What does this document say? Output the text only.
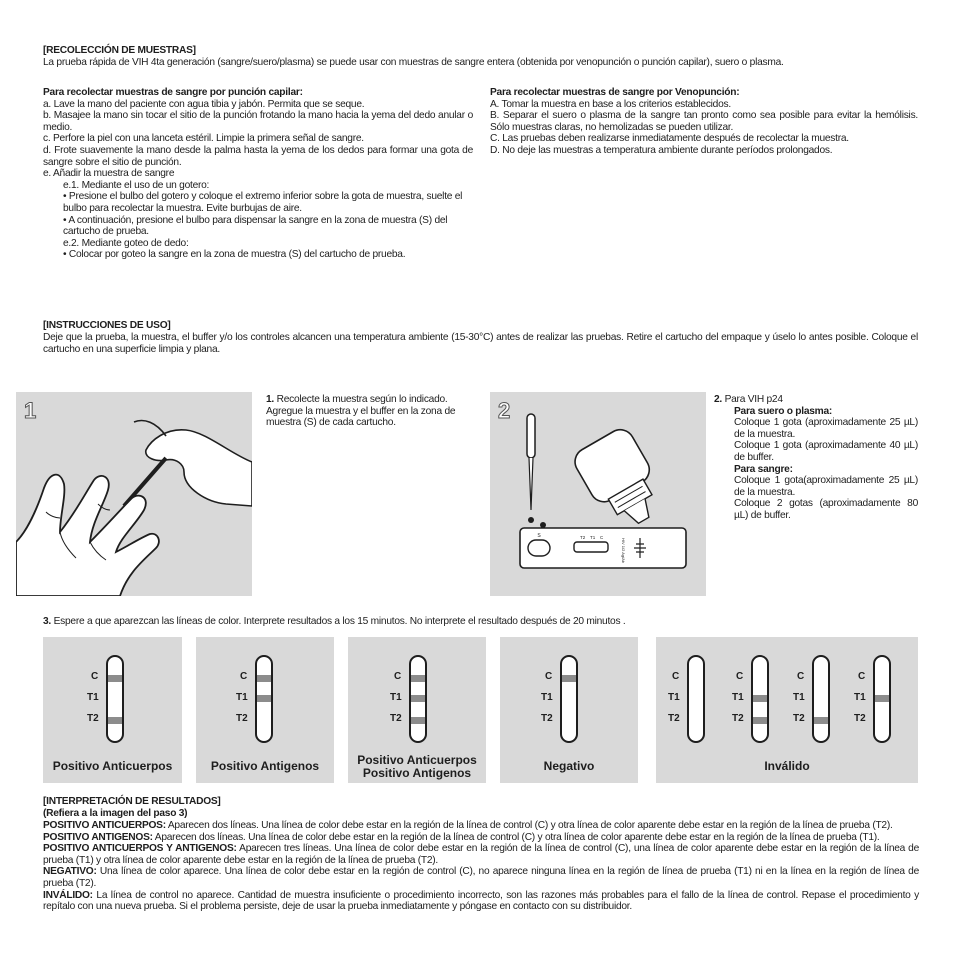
[RECOLECCIÓN DE MUESTRAS]
La prueba rápida de VIH 4ta generación (sangre/suero/plasma) se puede usar con muestras de sangre entera (obtenida por venopunción o punción capilar), suero o plasma.

Para recolectar muestras de sangre por punción capilar:

a. Lave la mano del paciente con agua tibia y jabón. Permita que se seque.

b. Masajee la mano sin tocar el sitio de la punción frotando la mano hacia la yema del dedo anular o medio.

c. Perfore la piel con una lanceta estéril. Limpie la primera señal de sangre.

d. Frote suavemente la mano desde la palma hasta la yema de los dedos para formar una gota de sangre sobre el sitio de punción.

e. Añadir la muestra de sangre

e.1. Mediante el uso de un gotero:

• Presione el bulbo del gotero y coloque el extremo inferior sobre la gota de muestra, suelte el bulbo para recolectar la muestra. Evite burbujas de aire.

• A continuación, presione el bulbo para dispensar la sangre en la zona de muestra (S) del cartucho de prueba.

e.2. Mediante goteo de dedo:

• Colocar por goteo la sangre en la zona de muestra (S) del cartucho de prueba.

Para recolectar muestras de sangre por Venopunción:

A. Tomar la muestra en base a los criterios establecidos.

B. Separar el suero o plasma de la sangre tan pronto como sea posible para evitar la hemólisis. Sólo muestras claras, no hemolizadas se pueden utilizar.

C. Las pruebas deben realizarse inmediatamente después de recolectar la muestra.

D. No deje las muestras a temperatura ambiente durante períodos prolongados.

[INSTRUCCIONES DE USO]
Deje que la prueba, la muestra, el buffer y/o los controles alcancen una temperatura ambiente (15-30°C) antes de realizar las pruebas. Retire el cartucho del empaque y úselo lo antes posible. Coloque el cartucho en una superficie limpia y plana.
1	1. Recolecte la muestra según lo indicado. Agregue la muestra y el buffer en la zona de muestra (S) de cada cartucho.	2
S	T2 T1 C
HIV 1/2 Ag/Ab

2. Para VIH p24

Para suero o plasma:

Coloque 1 gota (aproximadamente 25 µL) de la muestra.

Coloque 1 gota (aproximadamente 40 µL) de buffer.

Para sangre:

Coloque 1 gota(aproximadamente 25 µL) de la muestra.

Coloque 2 gotas (aproximadamente 80 µL) de buffer.

3. Espere a que aparezcan las líneas de color. Interprete resultados a los 15 minutos. No interprete el resultado después de 20 minutos .
C
T1
T2
Positivo Anticuerpos
C
T1
T2
Positivo Antigenos
C
T1
T2
Positivo Anticuerpos
Positivo Antigenos
C
T1
T2
Negativo
C
T1
T2
C
T1
T2
C
T1
T2
C
T1
T2
Inválido
[INTERPRETACIÓN DE RESULTADOS]
(Refiera a la imagen del paso 3)

POSITIVO ANTICUERPOS: Aparecen dos líneas. Una línea de color debe estar en la región de la línea de control (C) y otra línea de color aparente debe estar en la región de la línea de prueba (T2).

POSITIVO ANTIGENOS: Aparecen dos líneas. Una línea de color debe estar en la región de la línea de control (C) y otra línea de color aparente debe estar en la región de la línea de prueba (T1).

POSITIVO ANTICUERPOS Y ANTIGENOS: Aparecen tres líneas. Una línea de color debe estar en la región de la línea de control (C), una línea de color aparente debe estar en la región de la línea de prueba (T1) y otra línea de color aparente debe estar en la región de la línea de prueba (T2).

NEGATIVO: Una línea de color aparece. Una línea de color debe estar en la región de control (C), no aparece ninguna línea en la región de línea de prueba (T1) ni en la línea en la región de línea de prueba (T2).

INVÁLIDO: La línea de control no aparece. Cantidad de muestra insuficiente o procedimiento incorrecto, son las razones más probables para el fallo de la línea de control. Repase el procedimiento y repítalo con una nueva prueba. Si el problema persiste, deje de usar la prueba inmediatamente y póngase en contacto con su distribuidor.
